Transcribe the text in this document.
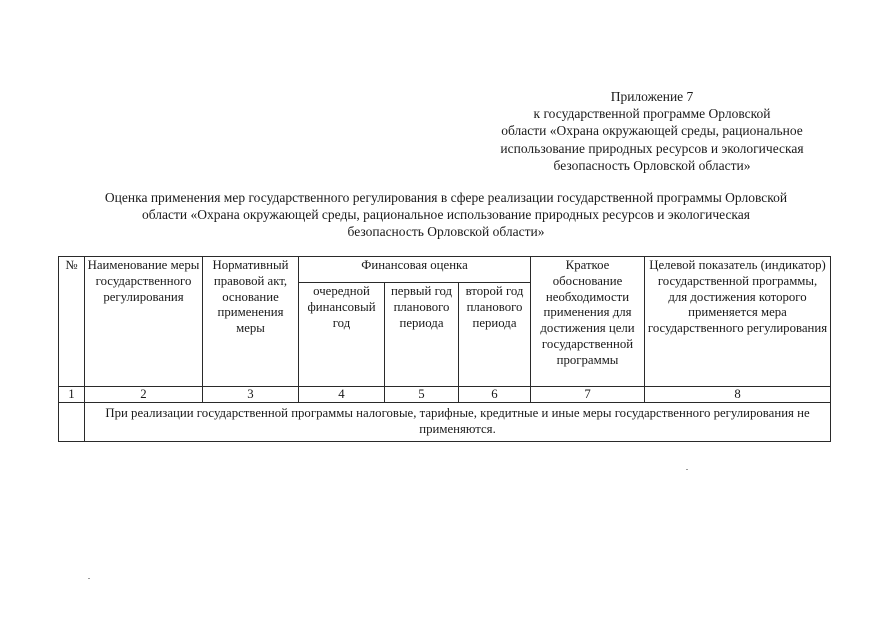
Приложение 7
к государственной программе Орловской
области «Охрана окружающей среды, рациональное
использование природных ресурсов и экологическая
безопасность Орловской области»
Оценка применения мер государственного регулирования в сфере реализации государственной программы Орловской
области «Охрана окружающей среды, рациональное использование природных ресурсов и экологическая
безопасность Орловской области»
№	Наименование меры государственного регулирования	Нормативный правовой акт, основание применения меры	Финансовая оценка			Краткое обоснование необходимости применения для достижения цели государственной программы	Целевой показатель (индикатор) государственной программы, для достижения которого применяется мера государственного регулирования
			очередной финансовый год	первый год планового периода	второй год планового периода		
1	2	3	4	5	6	7	8
	При реализации государственной программы налоговые, тарифные, кредитные и иные меры государственного регулирования не применяются.						
